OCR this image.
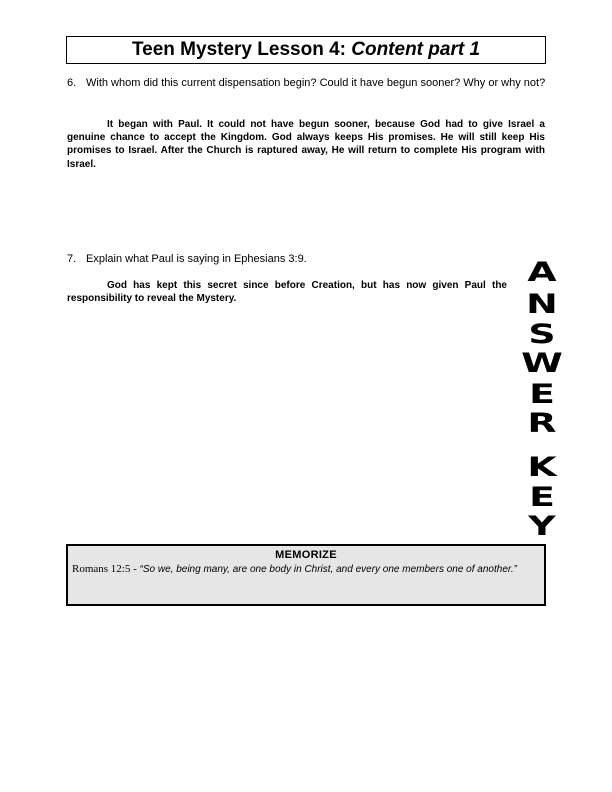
Teen Mystery Lesson 4: Content part 1
6. With whom did this current dispensation begin? Could it have begun sooner? Why or why not?

It began with Paul. It could not have begun sooner, because God had to give Israel a genuine chance to accept the Kingdom. God always keeps His promises. He will still keep His promises to Israel. After the Church is raptured away, He will return to complete His program with Israel.

7. Explain what Paul is saying in Ephesians 3:9.

God has kept this secret since before Creation, but has now given Paul the responsibility to reveal the Mystery.

A
N
S
W
E
R
K
E
Y
MEMORIZE
Romans 12:5 - “So we, being many, are one body in Christ, and every one members one of another.”
